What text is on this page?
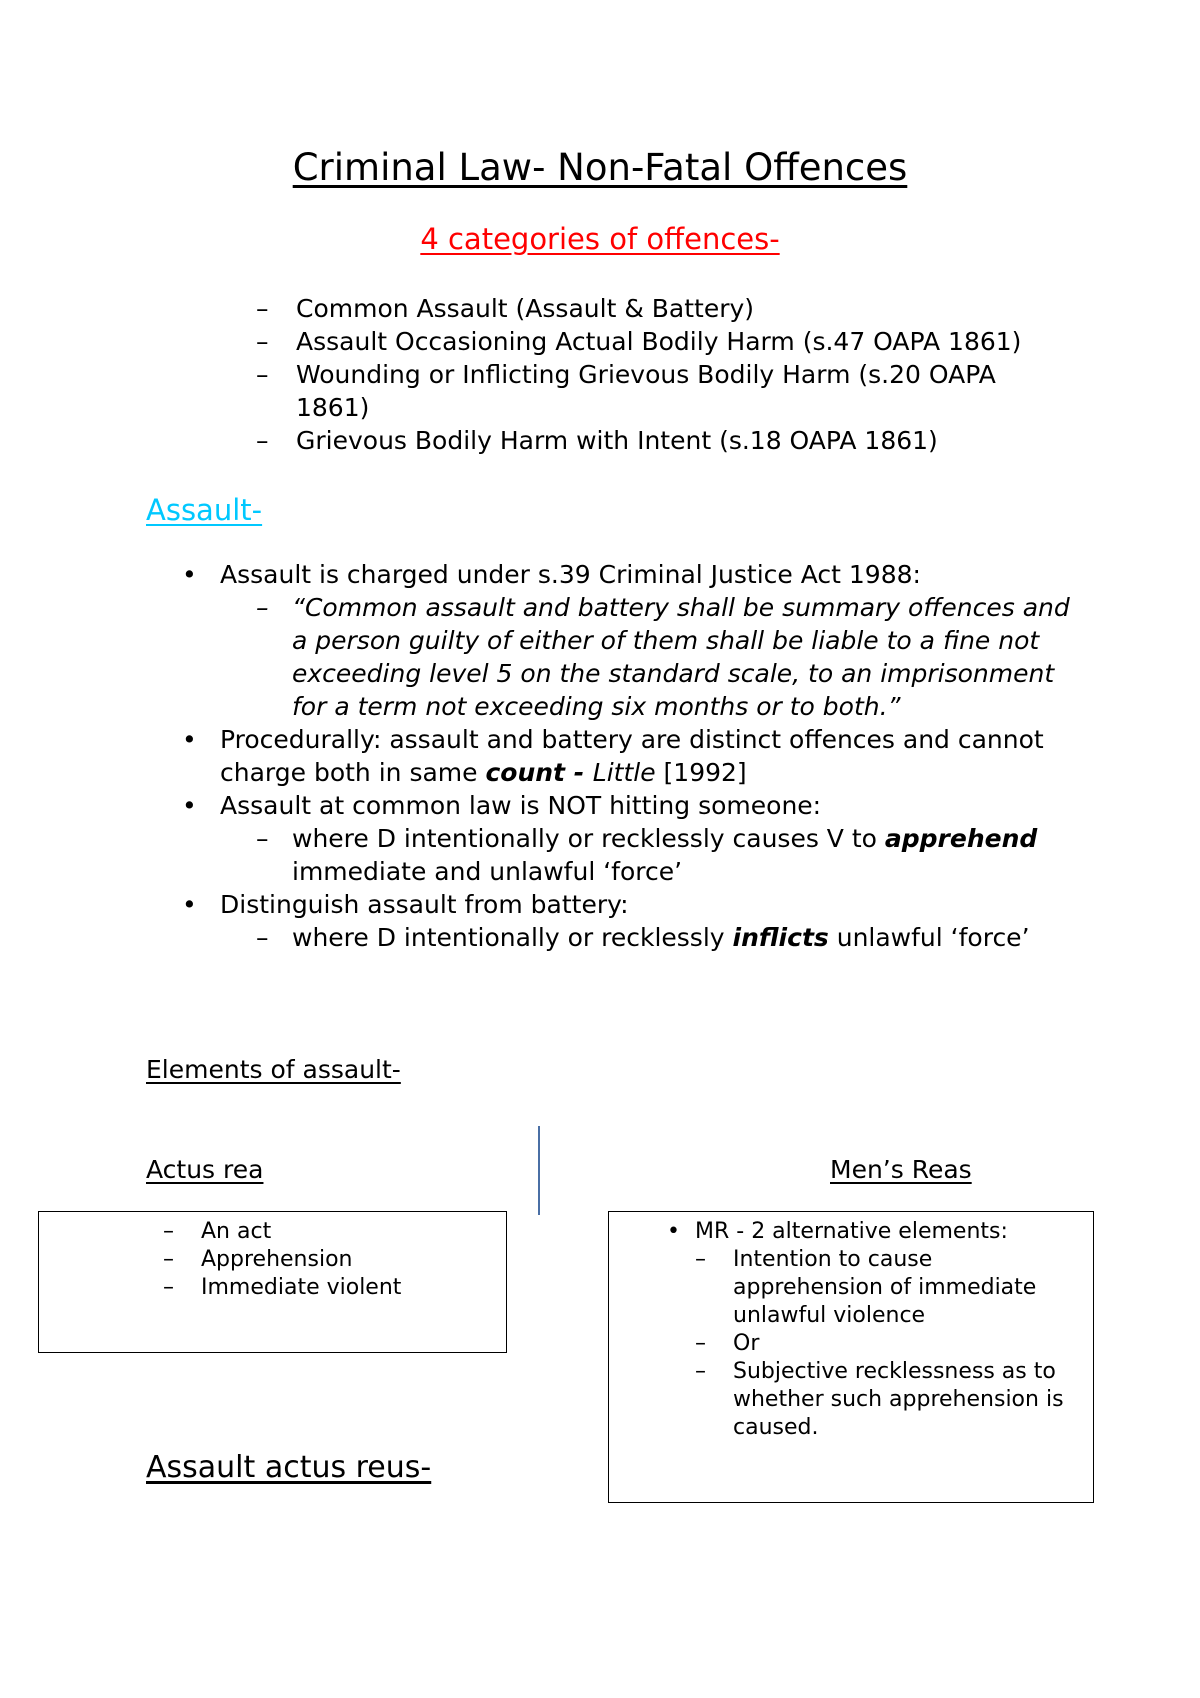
Criminal Law- Non-Fatal Offences
4 categories of offences-
– Common Assault (Assault & Battery)
– Assault Occasioning Actual Bodily Harm (s.47 OAPA 1861)
– Wounding or Inflicting Grievous Bodily Harm (s.20 OAPA 1861)
– Grievous Bodily Harm with Intent (s.18 OAPA 1861)
Assault-
• Assault is charged under s.39 Criminal Justice Act 1988:
– “Common assault and battery shall be summary offences and a person guilty of either of them shall be liable to a fine not exceeding level 5 on the standard scale, to an imprisonment for a term not exceeding six months or to both.”
• Procedurally: assault and battery are distinct offences and cannot charge both in same count - Little [1992]
• Assault at common law is NOT hitting someone:
– where D intentionally or recklessly causes V to apprehend immediate and unlawful ‘force’
• Distinguish assault from battery:
– where D intentionally or recklessly inflicts unlawful ‘force’
Elements of assault-
Actus rea	Men’s Reas
– An act
– Apprehension
– Immediate violent
• MR - 2 alternative elements:
– Intention to cause apprehension of immediate unlawful violence
– Or
– Subjective recklessness as to whether such apprehension is caused.
Assault actus reus-
